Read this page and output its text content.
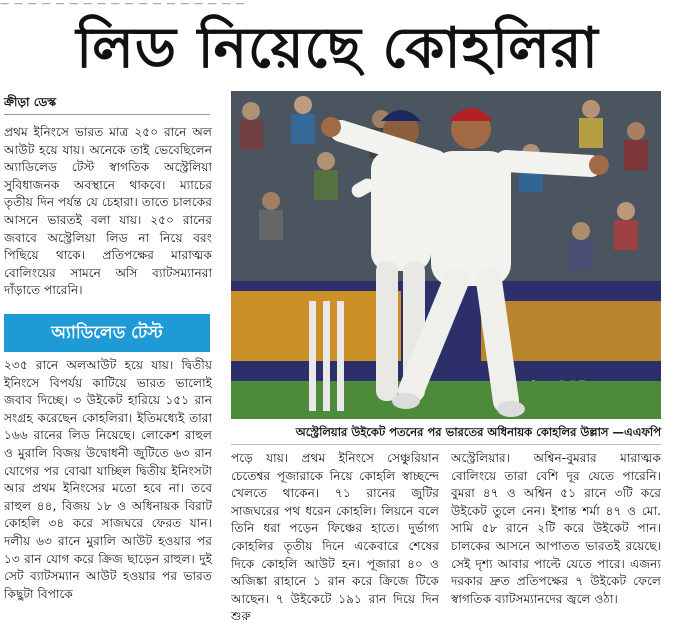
— — — — — — — — — — — — — — — — — —
লিড নিয়েছে কোহলিরা
ক্রীড়া ডেস্ক

প্রথম ইনিংসে ভারত মাত্র ২৫০ রানে অল আউট হয়ে যায়। অনেকে তাই ভেবেছিলেন অ্যাডিলেড টেস্ট স্বাগতিক অস্ট্রেলিয়া সুবিধাজনক অবস্থানে থাকবে। ম্যাচের তৃতীয় দিন পর্যন্ত যে চেহারা। তাতে চালকের আসনে ভারতই বলা যায়। ২৫০ রানের জবাবে অস্ট্রেলিয়া লিড না নিয়ে বরং পিছিয়ে থাকে। প্রতিপক্ষের মারাত্মক বোলিংয়ের সামনে অসি ব্যাটসম্যানরা দাঁড়াতে পারেনি।

অ্যাডিলেড টেস্ট

২৩৫ রানে অলআউট হয়ে যায়। দ্বিতীয় ইনিংসে বিপর্যয় কাটিয়ে ভারত ভালোই জবাব দিচ্ছে। ৩ উইকেট হারিয়ে ১৫১ রান সংগ্রহ করেছেন কোহলিরা। ইতিমধ্যেই তারা ১৬৬ রানের লিড নিয়েছে। লোকেশ রাহুল ও মুরালি বিজয় উদ্বোধনী জুটিতে ৬৩ রান যোগের পর বোঝা যাচ্ছিল দ্বিতীয় ইনিংসটা আর প্রথম ইনিংসের মতো হবে না। তবে রাহুল ৪৪, বিজয় ১৮ ও অধিনায়ক বিরাট কোহলি ৩৪ করে সাজঘরে ফেরত যান। দলীয় ৬৩ রানে মুরালি আউট হওয়ার পর ১৩ রান যোগ করে ক্রিজ ছাড়েন রাহুল। দুই সেট ব্যাটসম্যান আউট হওয়ার পর ভারত কিছুটা বিপাকে

অস্ট্রেলিয়ার উইকেট পতনের পর ভারতের অধিনায়ক কোহলির উল্লাস —এএফপি

পড়ে যায়। প্রথম ইনিংসে সেঞ্চুরিয়ান চেতেশ্বর পূজারাকে নিয়ে কোহলি স্বাচ্ছন্দে খেলতে থাকেন। ৭১ রানের জুটির সাজঘরের পথ ধরেন কোহলি। লিয়নে বলে তিনি ধরা পড়েন ফিঞ্চের হাতে। দুর্ভাগ্য কোহলির তৃতীয় দিনে একেবারে শেষের দিকে কোহলি আউট হন। পূজারা ৪০ ও অজিঙ্কা রাহানে ১ রান করে ক্রিজে টিকে আছেন। ৭ উইকেটে ১৯১ রান দিয়ে দিন শুরু

অস্ট্রেলিয়ার। অশ্বিন-বুমরার মারাত্মক বোলিংয়ে তারা বেশি দূর যেতে পারেনি। বুমরা ৪৭ ও অশ্বিন ৫১ রানে ৩টি করে উইকেট তুলে নেন। ইশান্ত শর্মা ৪৭ ও মো. সামি ৫৮ রানে ২টি করে উইকেট পান। চালকের আসনে আপাতত ভারতই রয়েছে। সেই দৃশ্য আবার পাল্টে যেতে পারে। এজন্য দরকার দ্রুত প্রতিপক্ষের ৭ উইকেট ফেলে স্বাগতিক ব্যাটসম্যানদের জ্বলে ওঠা।
